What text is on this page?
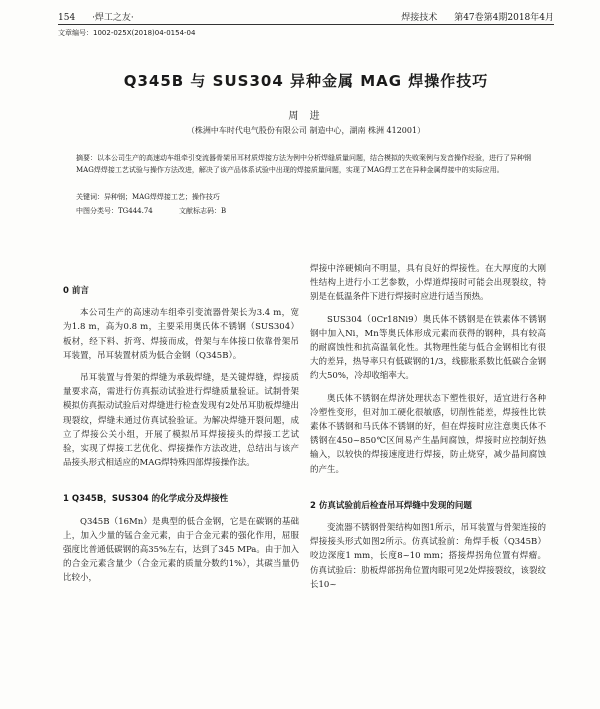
154 ·焊工之友·	焊接技术 第47卷第4期2018年4月
文章编号：1002-025X(2018)04-0154-04
Q345B 与 SUS304 异种金属 MAG 焊操作技巧
周 进
（株洲中车时代电气股份有限公司 制造中心，湖南 株洲 412001）
摘要：以本公司生产的高速动车组牵引变流器骨架吊耳材质焊接方法为例中分析焊缝质量问题，结合模拟的失败案例与发音操作经验，进行了异种钢MAG焊焊接工艺试验与操作方法改进，解决了该产品体系试验中出现的焊接质量问题，实现了MAG焊工艺在异种金属焊接中的实际应用。
关键词：异种钢；MAG焊焊接工艺；操作技巧
中图分类号：TG444.74	文献标志码：B
0 前言

本公司生产的高速动车组牵引变流器骨架长为3.4 m，宽为1.8 m，高为0.8 m，主要采用奥氏体不锈钢（SUS304）板材，经下料、折弯、焊接而成，骨架与车体接口依靠骨架吊耳装置，吊耳装置材质为低合金钢（Q345B）。

吊耳装置与骨架的焊缝为承载焊缝，是关键焊缝，焊接质量要求高，需进行仿真振动试验进行焊缝质量验证。试制骨架模拟仿真振动试验后对焊缝进行检查发现有2处吊耳肋板焊缝出现裂纹，焊缝未通过仿真试验验证。为解决焊缝开裂问题，成立了焊接公关小组，开展了模拟吊耳焊接接头的焊接工艺试验，实现了焊接工艺优化、焊接操作方法改进，总结出与该产品接头形式相适应的MAG焊特殊四部焊接操作法。

1 Q345B，SUS304 的化学成分及焊接性

Q345B（16Mn）是典型的低合金钢，它是在碳钢的基础上，加入少量的锰合金元素，由于合金元素的强化作用，屈服强度比普通低碳钢的高35%左右，达到了345 MPa。由于加入的合金元素含量少（合金元素的质量分数约1%），其碳当量仍比较小，

焊接中淬硬倾向不明显，具有良好的焊接性。在大厚度的大刚性结构上进行小工艺参数，小焊道焊接时可能会出现裂纹，特别是在低温条件下进行焊接时应进行适当预热。

SUS304（0Cr18Ni9）奥氏体不锈钢是在铁素体不锈钢钢中加入Ni，Mn等奥氏体形成元素而获得的钢种，具有较高的耐腐蚀性和抗高温氧化性。其物理性能与低合金钢相比有很大的差异，热导率只有低碳钢的1/3，线膨胀系数比低碳合金钢约大50%，冷却收缩率大。

奥氏体不锈钢在焊济处理状态下塑性很好，适宜进行各种冷塑性变形，但对加工硬化很敏感，切削性能差，焊接性比铁素体不锈钢和马氏体不锈钢的好，但在焊接时应注意奥氏体不锈钢在450~850℃区间易产生晶间腐蚀，焊接时应控制好热输入，以较快的焊接速度进行焊接，防止烧穿，减少晶间腐蚀的产生。

2 仿真试验前后检查吊耳焊缝中发现的问题

变流器不锈钢骨架结构如图1所示，吊耳装置与骨架连接的焊接接头形式如图2所示。仿真试验前：角焊手板（Q345B）咬边深度1 mm，长度8~10 mm；搭接焊拐角位置有焊瘤。仿真试验后：肋板焊部拐角位置肉眼可见2处焊接裂纹，该裂纹长10~
